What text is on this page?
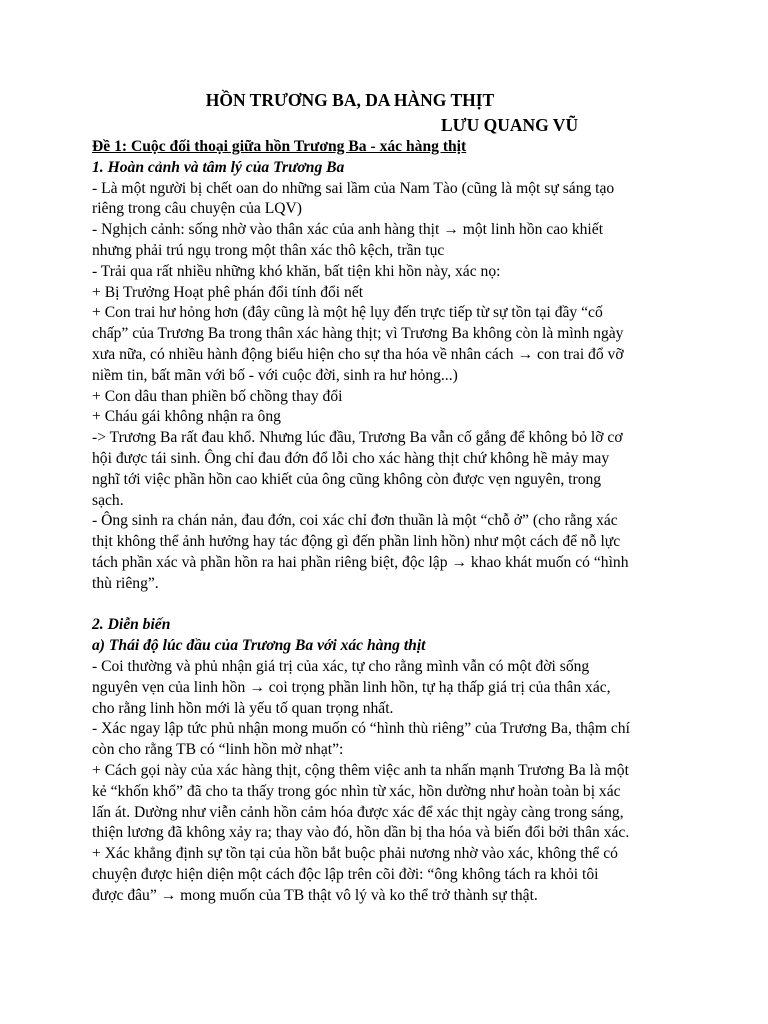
HỒN TRƯƠNG BA, DA HÀNG THỊT
LƯU QUANG VŨ
Đề 1: Cuộc đối thoại giữa hồn Trương Ba - xác hàng thịt
1. Hoàn cảnh và tâm lý của Trương Ba
- Là một người bị chết oan do những sai lầm của Nam Tào (cũng là một sự sáng tạo
riêng trong câu chuyện của LQV)
- Nghịch cảnh: sống nhờ vào thân xác của anh hàng thịt → một linh hồn cao khiết
nhưng phải trú ngụ trong một thân xác thô kệch, trần tục
- Trải qua rất nhiều những khó khăn, bất tiện khi hồn này, xác nọ:
+ Bị Trưởng Hoạt phê phán đổi tính đổi nết
+ Con trai hư hỏng hơn (đây cũng là một hệ lụy đến trực tiếp từ sự tồn tại đầy “cố
chấp” của Trương Ba trong thân xác hàng thịt; vì Trương Ba không còn là mình ngày
xưa nữa, có nhiều hành động biểu hiện cho sự tha hóa về nhân cách → con trai đổ vỡ
niềm tin, bất mãn với bố - với cuộc đời, sinh ra hư hỏng...)
+ Con dâu than phiền bố chồng thay đổi
+ Cháu gái không nhận ra ông
-> Trương Ba rất đau khổ. Nhưng lúc đầu, Trương Ba vẫn cố gắng để không bỏ lỡ cơ
hội được tái sinh. Ông chỉ đau đớn đổ lỗi cho xác hàng thịt chứ không hề mảy may
nghĩ tới việc phần hồn cao khiết của ông cũng không còn được vẹn nguyên, trong
sạch.
- Ông sinh ra chán nản, đau đớn, coi xác chỉ đơn thuần là một “chỗ ở” (cho rằng xác
thịt không thể ảnh hưởng hay tác động gì đến phần linh hồn) như một cách để nỗ lực
tách phần xác và phần hồn ra hai phần riêng biệt, độc lập → khao khát muốn có “hình
thù riêng”.
2. Diễn biến
a) Thái độ lúc đầu của Trương Ba với xác hàng thịt
- Coi thường và phủ nhận giá trị của xác, tự cho rằng mình vẫn có một đời sống
nguyên vẹn của linh hồn → coi trọng phần linh hồn, tự hạ thấp giá trị của thân xác,
cho rằng linh hồn mới là yếu tố quan trọng nhất.
- Xác ngay lập tức phủ nhận mong muốn có “hình thù riêng” của Trương Ba, thậm chí
còn cho rằng TB có “linh hồn mờ nhạt”:
+ Cách gọi này của xác hàng thịt, cộng thêm việc anh ta nhấn mạnh Trương Ba là một
kẻ “khốn khổ” đã cho ta thấy trong góc nhìn từ xác, hồn dường như hoàn toàn bị xác
lấn át. Dường như viễn cảnh hồn cảm hóa được xác để xác thịt ngày càng trong sáng,
thiện lương đã không xảy ra; thay vào đó, hồn dần bị tha hóa và biến đổi bởi thân xác.
+ Xác khẳng định sự tồn tại của hồn bắt buộc phải nương nhờ vào xác, không thể có
chuyện được hiện diện một cách độc lập trên cõi đời: “ông không tách ra khỏi tôi
được đâu” → mong muốn của TB thật vô lý và ko thể trở thành sự thật.
